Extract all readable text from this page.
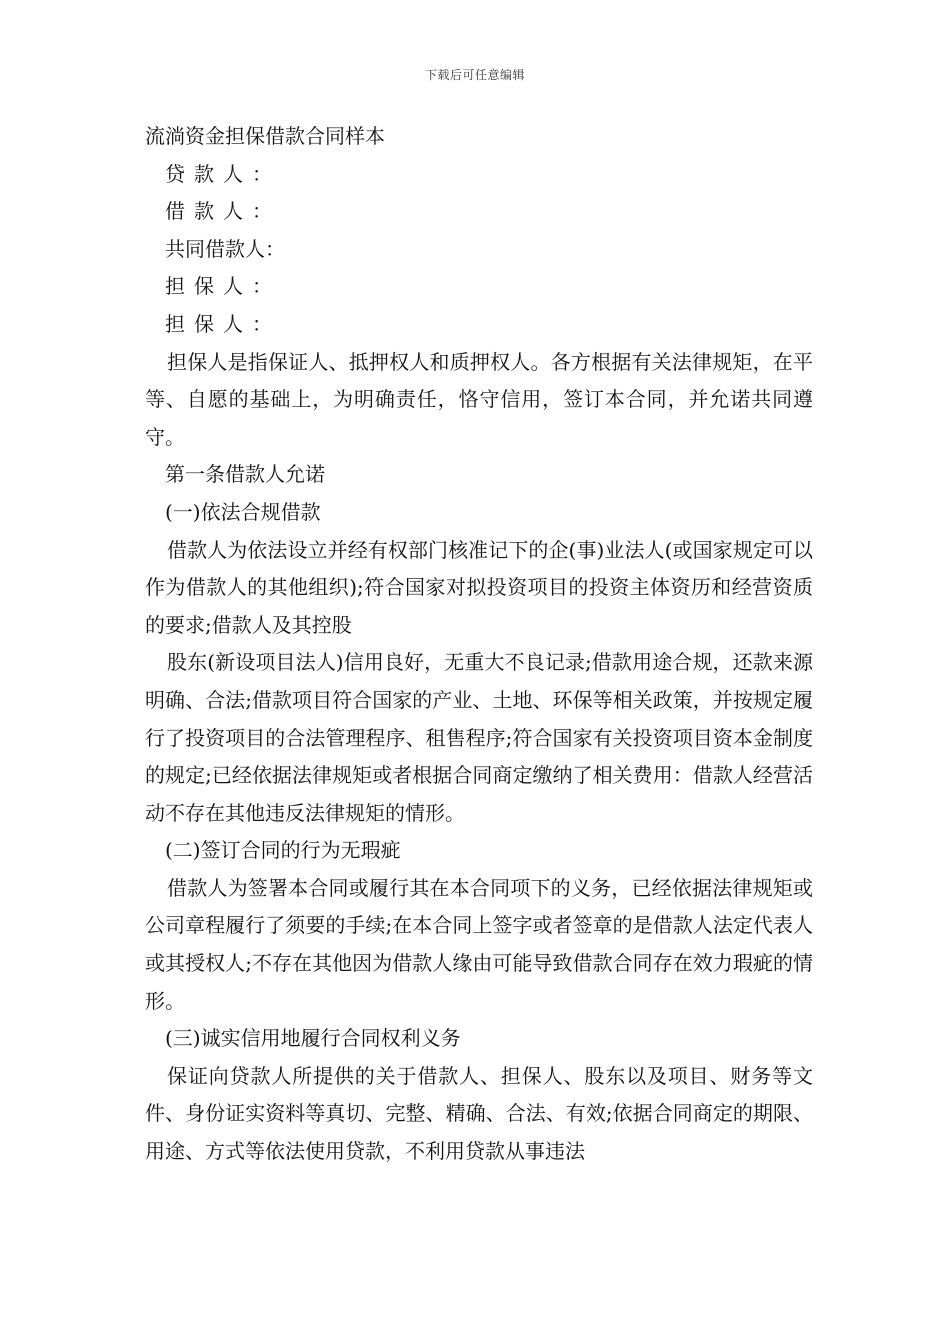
下载后可任意编辑

流淌资金担保借款合同样本

贷款人：

借款人：

共同借款人：

担保人：

担保人：

担保人是指保证人、抵押权人和质押权人。各方根据有关法律规矩，在平等、自愿的基础上，为明确责任，恪守信用，签订本合同，并允诺共同遵守。

第一条借款人允诺

(一)依法合规借款

借款人为依法设立并经有权部门核准记下的企(事)业法人(或国家规定可以作为借款人的其他组织);符合国家对拟投资项目的投资主体资历和经营资质的要求;借款人及其控股

股东(新设项目法人)信用良好，无重大不良记录;借款用途合规，还款来源明确、合法;借款项目符合国家的产业、土地、环保等相关政策，并按规定履行了投资项目的合法管理程序、租售程序;符合国家有关投资项目资本金制度的规定;已经依据法律规矩或者根据合同商定缴纳了相关费用：借款人经营活动不存在其他违反法律规矩的情形。

(二)签订合同的行为无瑕疵

借款人为签署本合同或履行其在本合同项下的义务，已经依据法律规矩或公司章程履行了须要的手续;在本合同上签字或者签章的是借款人法定代表人或其授权人;不存在其他因为借款人缘由可能导致借款合同存在效力瑕疵的情形。

(三)诚实信用地履行合同权利义务

保证向贷款人所提供的关于借款人、担保人、股东以及项目、财务等文件、身份证实资料等真切、完整、精确、合法、有效;依据合同商定的期限、用途、方式等依法使用贷款，不利用贷款从事违法
